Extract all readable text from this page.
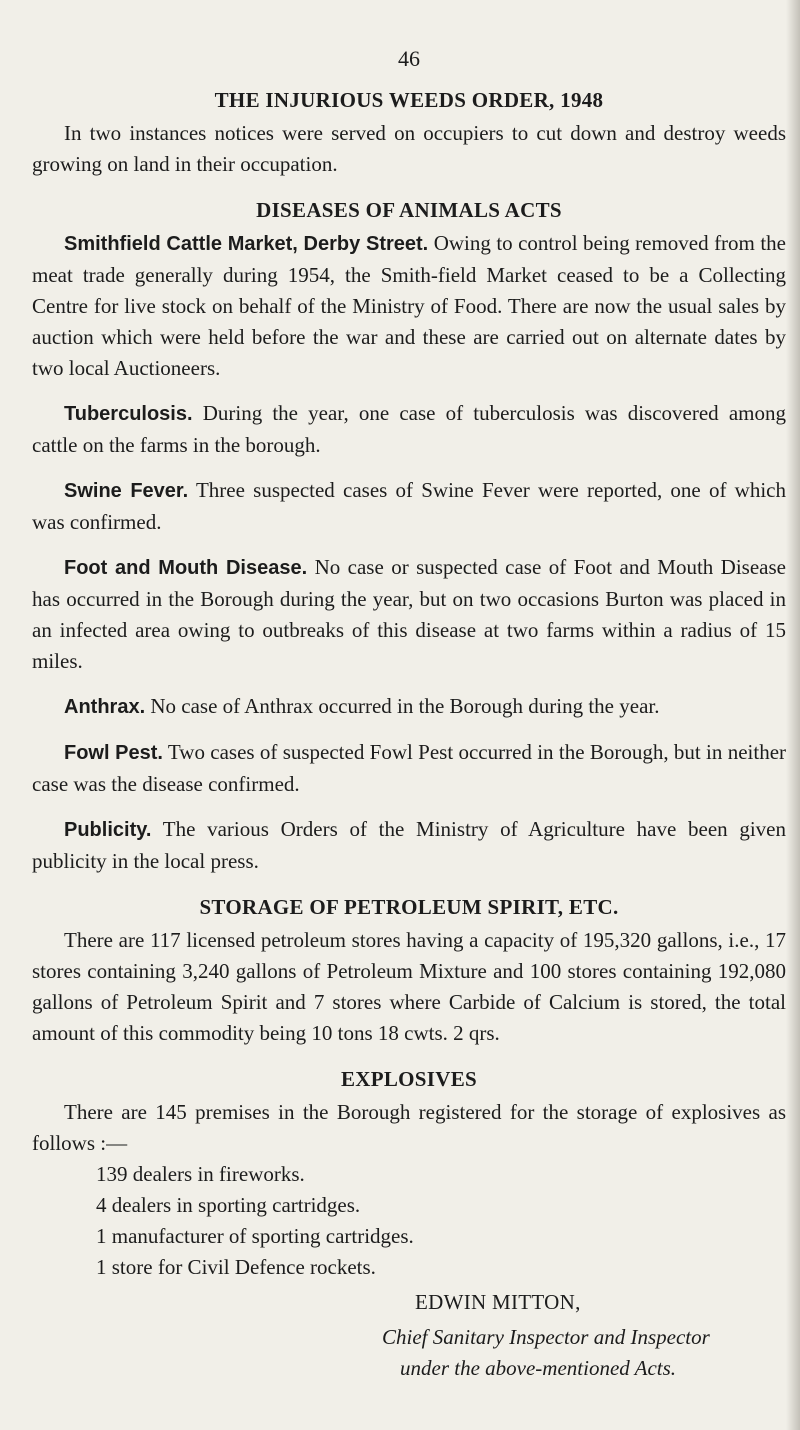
46
THE INJURIOUS WEEDS ORDER, 1948

In two instances notices were served on occupiers to cut down and destroy weeds growing on land in their occupation.

DISEASES OF ANIMALS ACTS

Smithfield Cattle Market, Derby Street. Owing to control being removed from the meat trade generally during 1954, the Smith-field Market ceased to be a Collecting Centre for live stock on behalf of the Ministry of Food. There are now the usual sales by auction which were held before the war and these are carried out on alternate dates by two local Auctioneers.

Tuberculosis. During the year, one case of tuberculosis was discovered among cattle on the farms in the borough.

Swine Fever. Three suspected cases of Swine Fever were reported, one of which was confirmed.

Foot and Mouth Disease. No case or suspected case of Foot and Mouth Disease has occurred in the Borough during the year, but on two occasions Burton was placed in an infected area owing to outbreaks of this disease at two farms within a radius of 15 miles.

Anthrax. No case of Anthrax occurred in the Borough during the year.

Fowl Pest. Two cases of suspected Fowl Pest occurred in the Borough, but in neither case was the disease confirmed.

Publicity. The various Orders of the Ministry of Agriculture have been given publicity in the local press.

STORAGE OF PETROLEUM SPIRIT, ETC.

There are 117 licensed petroleum stores having a capacity of 195,320 gallons, i.e., 17 stores containing 3,240 gallons of Petroleum Mixture and 100 stores containing 192,080 gallons of Petroleum Spirit and 7 stores where Carbide of Calcium is stored, the total amount of this commodity being 10 tons 18 cwts. 2 qrs.

EXPLOSIVES

There are 145 premises in the Borough registered for the storage of explosives as follows :—

139 dealers in fireworks.
4 dealers in sporting cartridges.
1 manufacturer of sporting cartridges.
1 store for Civil Defence rockets.
EDWIN MITTON,
Chief Sanitary Inspector and Inspector
under the above-mentioned Acts.
